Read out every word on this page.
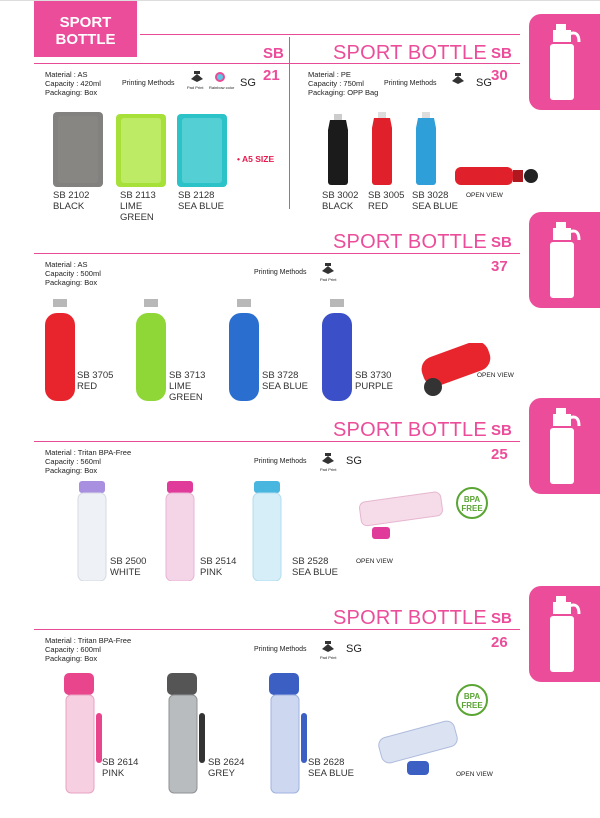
SPORT
BOTTLE
SB
21
Material : AS
Capacity : 420ml
Packaging: Box
Printing Methods
Pad Print Rainbow color SG
• A5 SIZE
SB 2102
BLACK
SB 2113
LIME GREEN
SB 2128
SEA BLUE
SPORT BOTTLE SB
30
Material : PE
Capacity : 750ml
Packaging: OPP Bag
Printing Methods	SG
OPEN VIEW
SB 3002
BLACK
SB 3005
RED
SB 3028
SEA BLUE
SPORT BOTTLE SB
37
Material : AS
Capacity : 500ml
Packaging: Box
Printing Methods
Pad Print
OPEN VIEW
SB 3705
RED
SB 3713
LIME GREEN
SB 3728
SEA BLUE
SB 3730
PURPLE
SPORT BOTTLE SB
25
Material : Tritan BPA-Free
Capacity : 560ml
Packaging: Box
Printing Methods
Pad Print
SG
OPEN VIEW
BPA
FREE
SB 2500
WHITE
SB 2514
PINK
SB 2528
SEA BLUE
SPORT BOTTLE SB
26
Material : Tritan BPA-Free
Capacity : 600ml
Packaging: Box
Printing Methods
Pad Print
SG
OPEN VIEW
BPA
FREE
SB 2614
PINK
SB 2624
GREY
SB 2628
SEA BLUE
